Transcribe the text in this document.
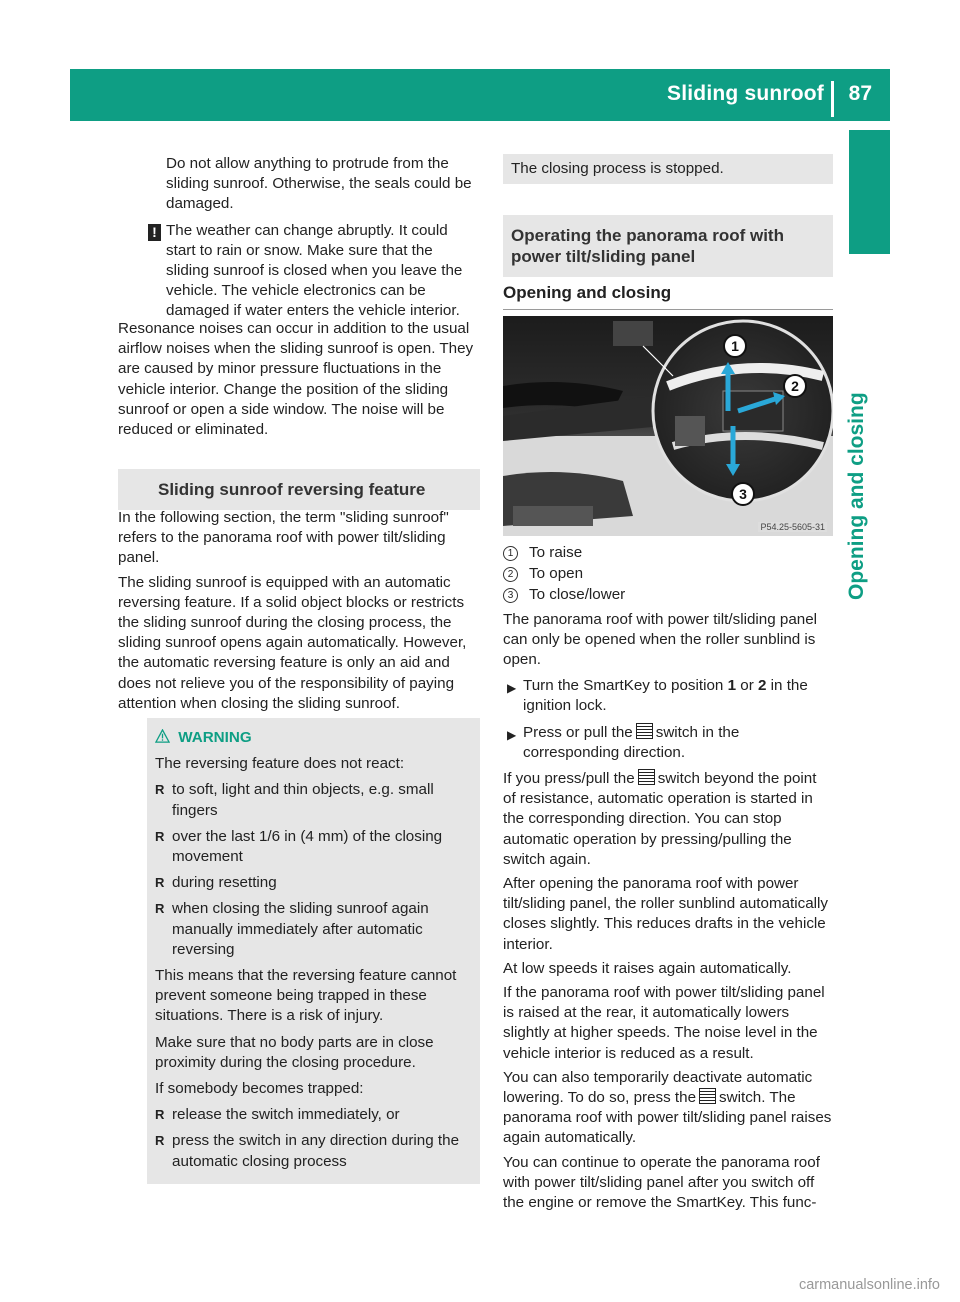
Sliding sunroof 87
Opening and closing

Do not allow anything to protrude from the sliding sunroof. Otherwise, the seals could be damaged.

! The weather can change abruptly. It could start to rain or snow. Make sure that the sliding sunroof is closed when you leave the vehicle. The vehicle electronics can be damaged if water enters the vehicle interior.

Resonance noises can occur in addition to the usual airflow noises when the sliding sunroof is open. They are caused by minor pressure fluctuations in the vehicle interior. Change the position of the sliding sunroof or open a side window. The noise will be reduced or eliminated.

Sliding sunroof reversing feature

In the following section, the term "sliding sunroof" refers to the panorama roof with power tilt/sliding panel.

The sliding sunroof is equipped with an automatic reversing feature. If a solid object blocks or restricts the sliding sunroof during the closing process, the sliding sunroof opens again automatically. However, the automatic reversing feature is only an aid and does not relieve you of the responsibility of paying attention when closing the sliding sunroof.

WARNING

The reversing feature does not react:

R to soft, light and thin objects, e.g. small fingers
R over the last 1/6 in (4 mm) of the closing movement
R during resetting
R when closing the sliding sunroof again manually immediately after automatic reversing

This means that the reversing feature cannot prevent someone being trapped in these situations. There is a risk of injury.

Make sure that no body parts are in close proximity during the closing procedure.

If somebody becomes trapped:

R release the switch immediately, or
R press the switch in any direction during the automatic closing process
The closing process is stopped.
Operating the panorama roof with power tilt/sliding panel
Opening and closing
1
2
3
P54.25-5605-31
1	To raise
2	To open
3	To close/lower

The panorama roof with power tilt/sliding panel can only be opened when the roller sunblind is open.

▶ Turn the SmartKey to position 1 or 2 in the ignition lock.
▶ Press or pull the switch in the corresponding direction.

If you press/pull the switch beyond the point of resistance, automatic operation is started in the corresponding direction. You can stop automatic operation by pressing/pulling the switch again.

After opening the panorama roof with power tilt/sliding panel, the roller sunblind automatically closes slightly. This reduces drafts in the vehicle interior.

At low speeds it raises again automatically.

If the panorama roof with power tilt/sliding panel is raised at the rear, it automatically lowers slightly at higher speeds. The noise level in the vehicle interior is reduced as a result.

You can also temporarily deactivate automatic lowering. To do so, press the switch. The panorama roof with power tilt/sliding panel raises again automatically.

You can continue to operate the panorama roof with power tilt/sliding panel after you switch off the engine or remove the SmartKey. This func-

carmanualsonline.info
